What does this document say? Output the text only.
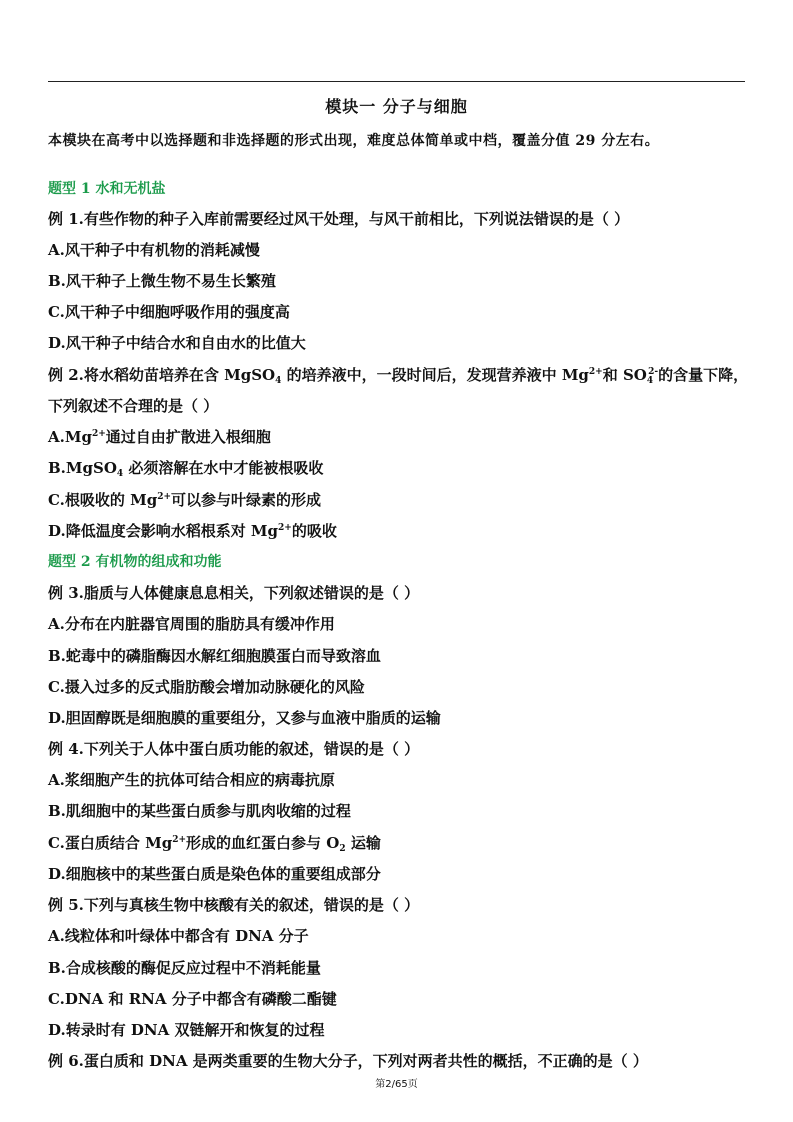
模块一 分子与细胞
本模块在高考中以选择题和非选择题的形式出现，难度总体简单或中档，覆盖分值 29 分左右。
题型 1 水和无机盐
例 1.有些作物的种子入库前需要经过风干处理，与风干前相比，下列说法错误的是（ ）
A.风干种子中有机物的消耗减慢
B.风干种子上微生物不易生长繁殖
C.风干种子中细胞呼吸作用的强度高
D.风干种子中结合水和自由水的比值大
例 2.将水稻幼苗培养在含 MgSO$_4$ 的培养液中，一段时间后，发现营养液中 $Mg^{2+}$和 $SO_4^{2-}$的含量下降，
下列叙述不合理的是（ ）
$A.Mg^{2+}$通过自由扩散进入根细胞
B.MgSO$_4$ 必须溶解在水中才能被根吸收
C.根吸收的 $Mg^{2+}$可以参与叶绿素的形成
D.降低温度会影响水稻根系对 $Mg^{2+}$的吸收
题型 2 有机物的组成和功能
例 3.脂质与人体健康息息相关，下列叙述错误的是（ ）
A.分布在内脏器官周围的脂肪具有缓冲作用
B.蛇毒中的磷脂酶因水解红细胞膜蛋白而导致溶血
C.摄入过多的反式脂肪酸会增加动脉硬化的风险
D.胆固醇既是细胞膜的重要组分，又参与血液中脂质的运输
例 4.下列关于人体中蛋白质功能的叙述，错误的是（ ）
A.浆细胞产生的抗体可结合相应的病毒抗原
B.肌细胞中的某些蛋白质参与肌肉收缩的过程
C.蛋白质结合 $Mg^{2+}$形成的血红蛋白参与 $O_2$ 运输
D.细胞核中的某些蛋白质是染色体的重要组成部分
例 5.下列与真核生物中核酸有关的叙述，错误的是（ ）
A.线粒体和叶绿体中都含有 DNA 分子
B.合成核酸的酶促反应过程中不消耗能量
C.DNA 和 RNA 分子中都含有磷酸二酯键
D.转录时有 DNA 双链解开和恢复的过程
例 6.蛋白质和 DNA 是两类重要的生物大分子，下列对两者共性的概括，不正确的是（ ）
第2/65页
